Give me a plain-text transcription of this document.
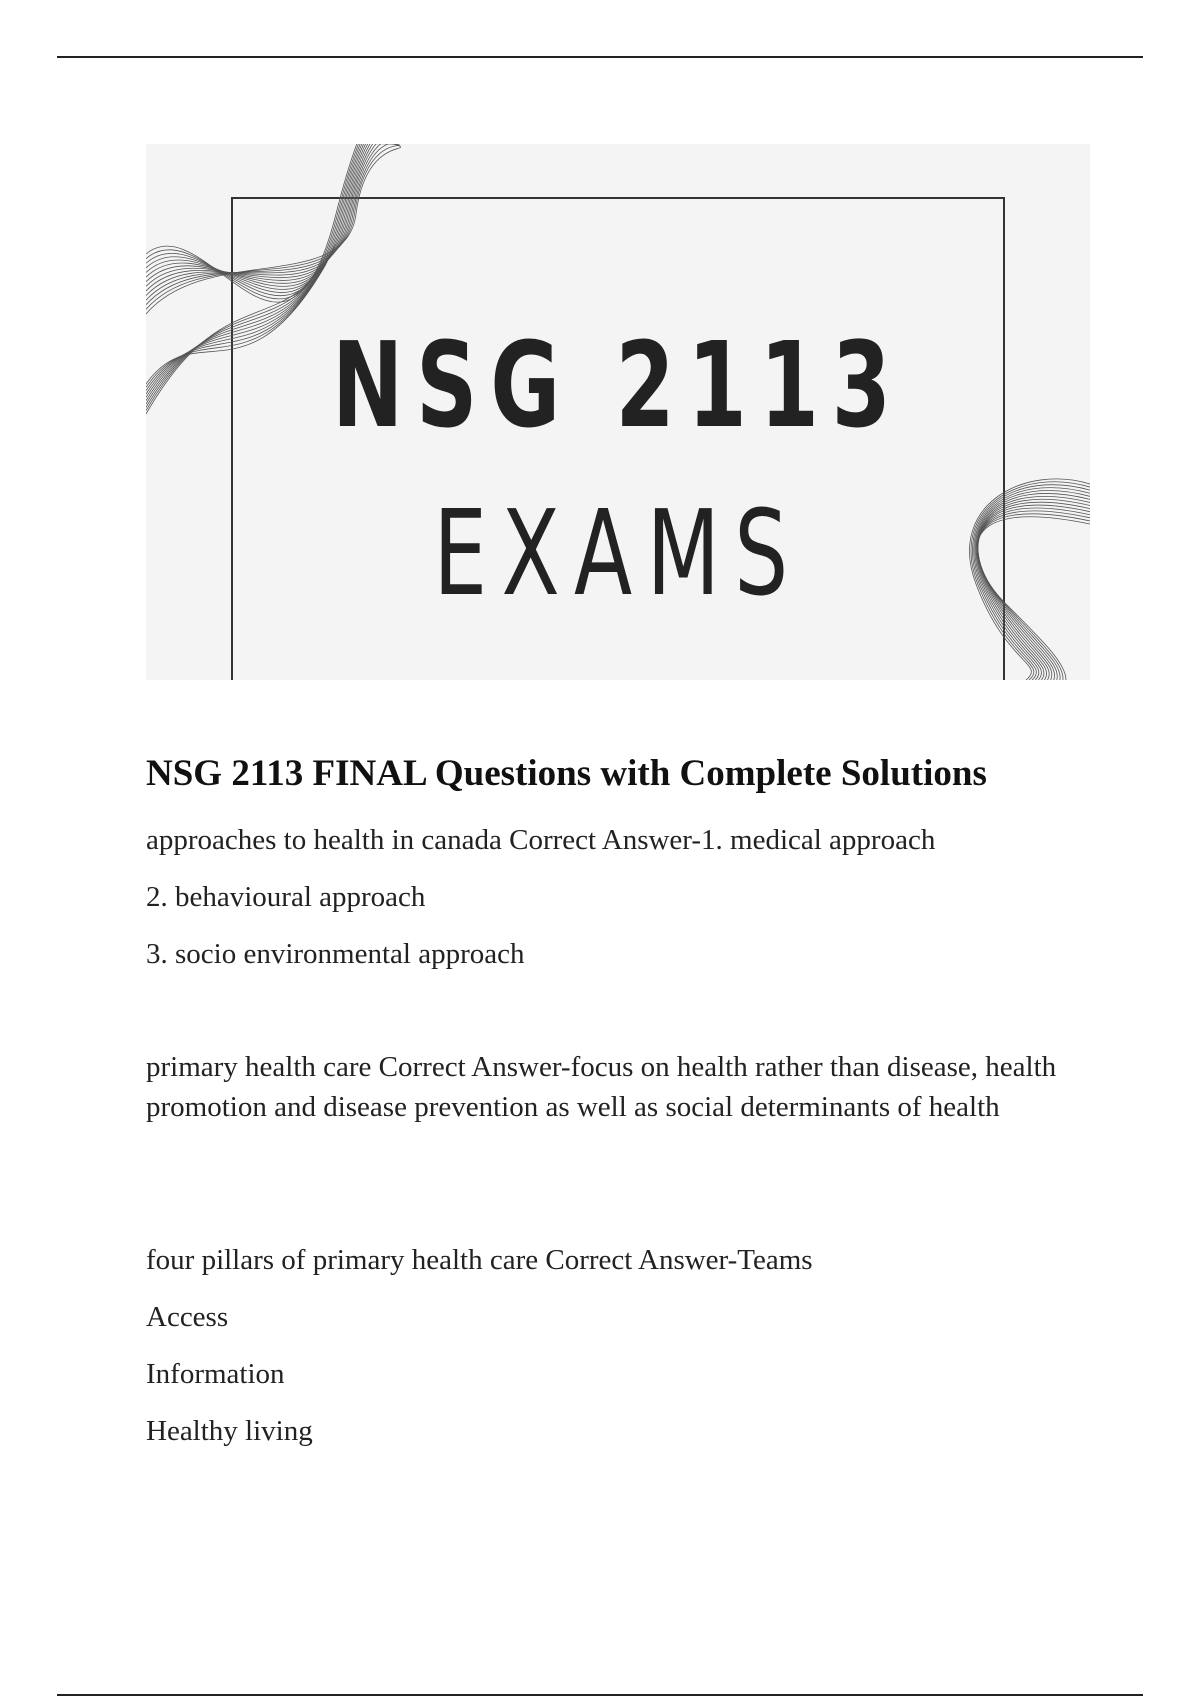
NSG 2113
EXAMS
NSG 2113 FINAL Questions with Complete Solutions

approaches to health in canada Correct Answer-1. medical approach

2. behavioural approach

3. socio environmental approach

primary health care Correct Answer-focus on health rather than disease, health promotion and disease prevention as well as social determinants of health

four pillars of primary health care Correct Answer-Teams

Access

Information

Healthy living
